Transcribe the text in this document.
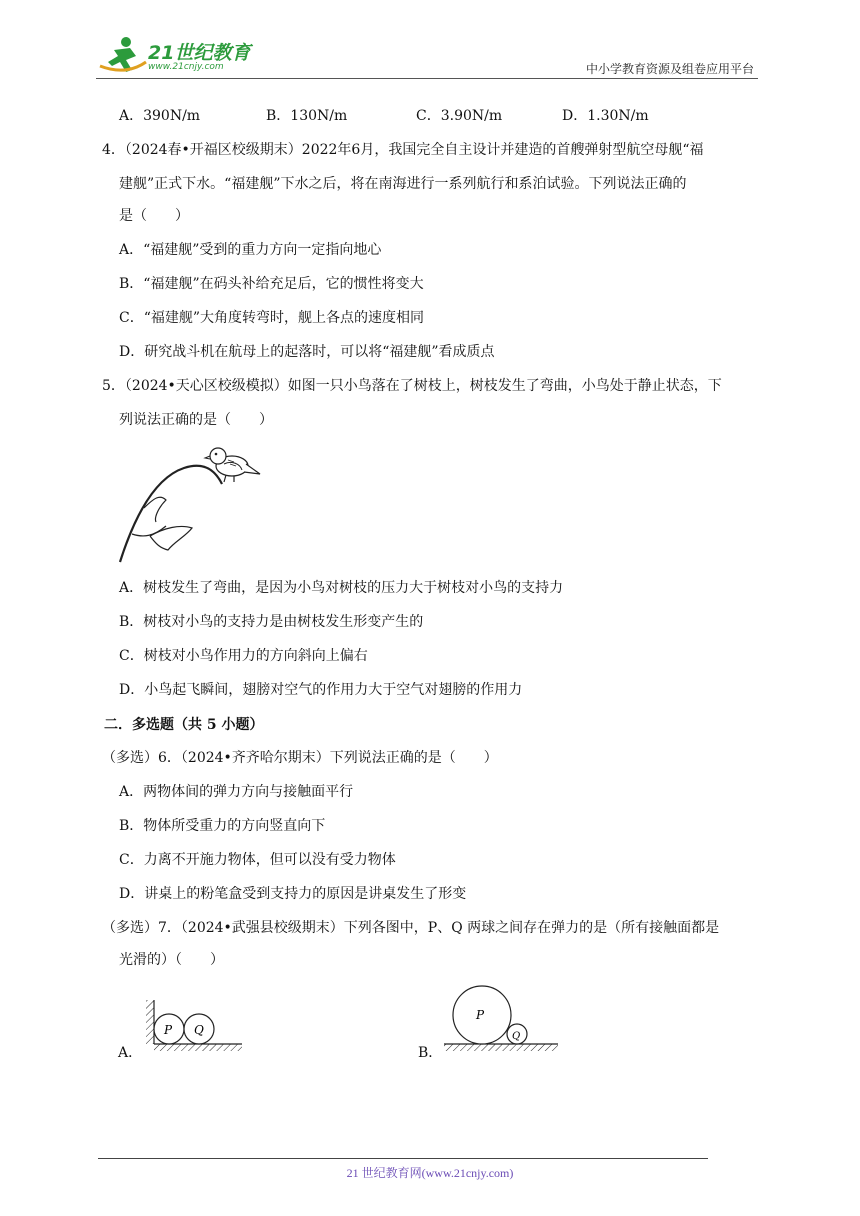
21世纪教育
www.21cnjy.com	中小学教育资源及组卷应用平台
A．390N/m	B．130N/m	C．3.90N/m	D．1.30N/m
4．（2024春•开福区校级期末）2022年6月，我国完全自主设计并建造的首艘弹射型航空母舰“福
建舰”正式下水。“福建舰”下水之后，将在南海进行一系列航行和系泊试验。下列说法正确的
是（　　）
A．“福建舰”受到的重力方向一定指向地心
B．“福建舰”在码头补给充足后，它的惯性将变大
C．“福建舰”大角度转弯时，舰上各点的速度相同
D．研究战斗机在航母上的起落时，可以将“福建舰”看成质点
5．（2024•天心区校级模拟）如图一只小鸟落在了树枝上，树枝发生了弯曲，小鸟处于静止状态，下
列说法正确的是（　　）
A．树枝发生了弯曲，是因为小鸟对树枝的压力大于树枝对小鸟的支持力
B．树枝对小鸟的支持力是由树枝发生形变产生的
C．树枝对小鸟作用力的方向斜向上偏右
D．小鸟起飞瞬间，翅膀对空气的作用力大于空气对翅膀的作用力
二．多选题（共 5 小题）
（多选）6．（2024•齐齐哈尔期末）下列说法正确的是（　　）
A．两物体间的弹力方向与接触面平行
B．物体所受重力的方向竖直向下
C．力离不开施力物体，但可以没有受力物体
D．讲桌上的粉笔盒受到支持力的原因是讲桌发生了形变
（多选）7．（2024•武强县校级期末）下列各图中，P、Q 两球之间存在弹力的是（所有接触面都是
光滑的）（　　）
P Q
A．
P
Q
B．
21 世纪教育网(www.21cnjy.com)
